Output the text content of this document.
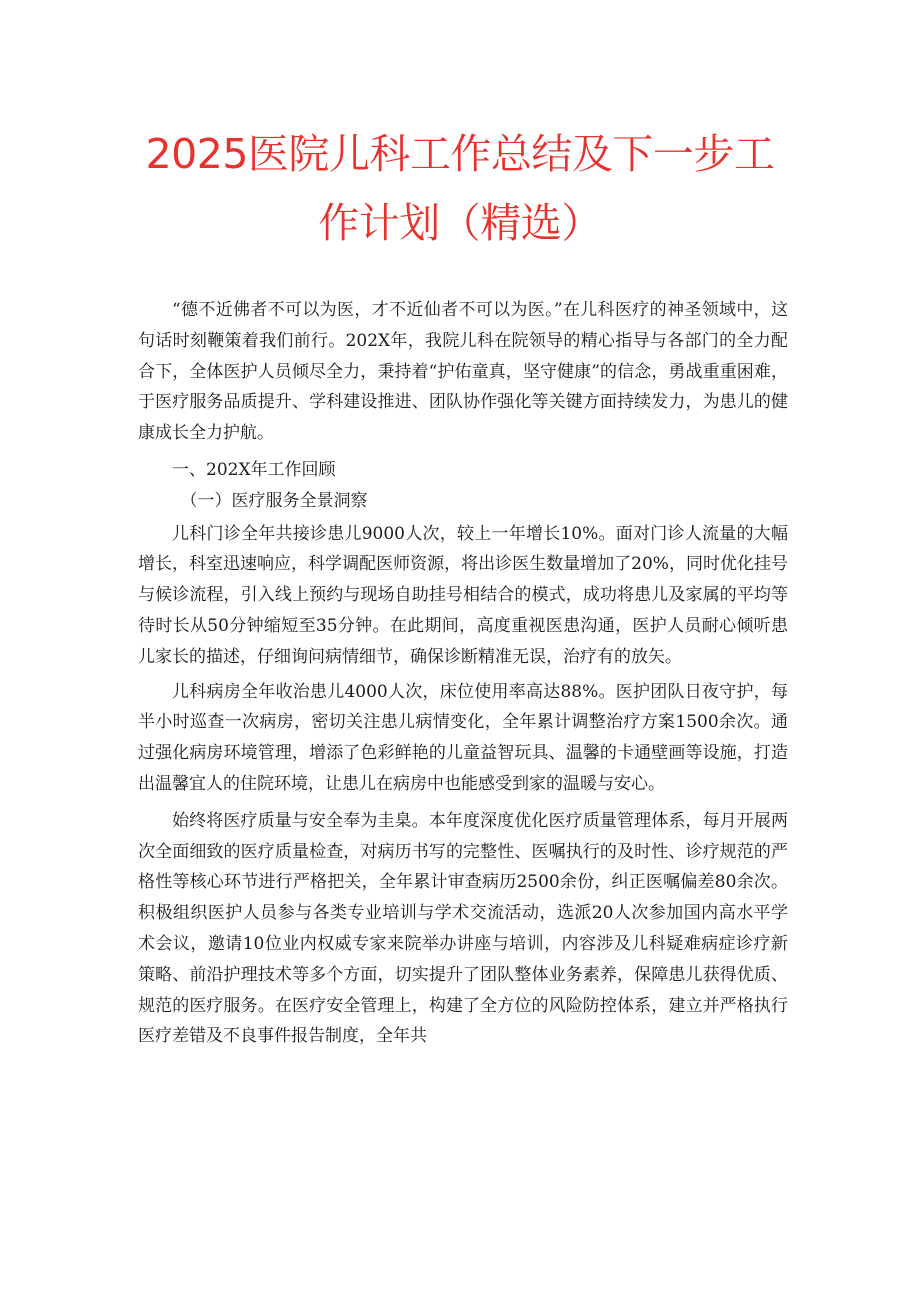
2025医院儿科工作总结及下一步工
作计划（精选）

“德不近佛者不可以为医，才不近仙者不可以为医。”在儿科医疗的神圣领域中，这句话时刻鞭策着我们前行。202X年，我院儿科在院领导的精心指导与各部门的全力配合下，全体医护人员倾尽全力，秉持着“护佑童真，坚守健康”的信念，勇战重重困难，于医疗服务品质提升、学科建设推进、团队协作强化等关键方面持续发力，为患儿的健康成长全力护航。

一、202X年工作回顾

（一）医疗服务全景洞察

儿科门诊全年共接诊患儿9000人次，较上一年增长10%。面对门诊人流量的大幅增长，科室迅速响应，科学调配医师资源，将出诊医生数量增加了20%，同时优化挂号与候诊流程，引入线上预约与现场自助挂号相结合的模式，成功将患儿及家属的平均等待时长从50分钟缩短至35分钟。在此期间，高度重视医患沟通，医护人员耐心倾听患儿家长的描述，仔细询问病情细节，确保诊断精准无误，治疗有的放矢。

儿科病房全年收治患儿4000人次，床位使用率高达88%。医护团队日夜守护，每半小时巡查一次病房，密切关注患儿病情变化，全年累计调整治疗方案1500余次。通过强化病房环境管理，增添了色彩鲜艳的儿童益智玩具、温馨的卡通壁画等设施，打造出温馨宜人的住院环境，让患儿在病房中也能感受到家的温暖与安心。

始终将医疗质量与安全奉为圭臬。本年度深度优化医疗质量管理体系，每月开展两次全面细致的医疗质量检查，对病历书写的完整性、医嘱执行的及时性、诊疗规范的严格性等核心环节进行严格把关，全年累计审查病历2500余份，纠正医嘱偏差80余次。积极组织医护人员参与各类专业培训与学术交流活动，选派20人次参加国内高水平学术会议，邀请10位业内权威专家来院举办讲座与培训，内容涉及儿科疑难病症诊疗新策略、前沿护理技术等多个方面，切实提升了团队整体业务素养，保障患儿获得优质、规范的医疗服务。在医疗安全管理上，构建了全方位的风险防控体系，建立并严格执行医疗差错及不良事件报告制度，全年共
